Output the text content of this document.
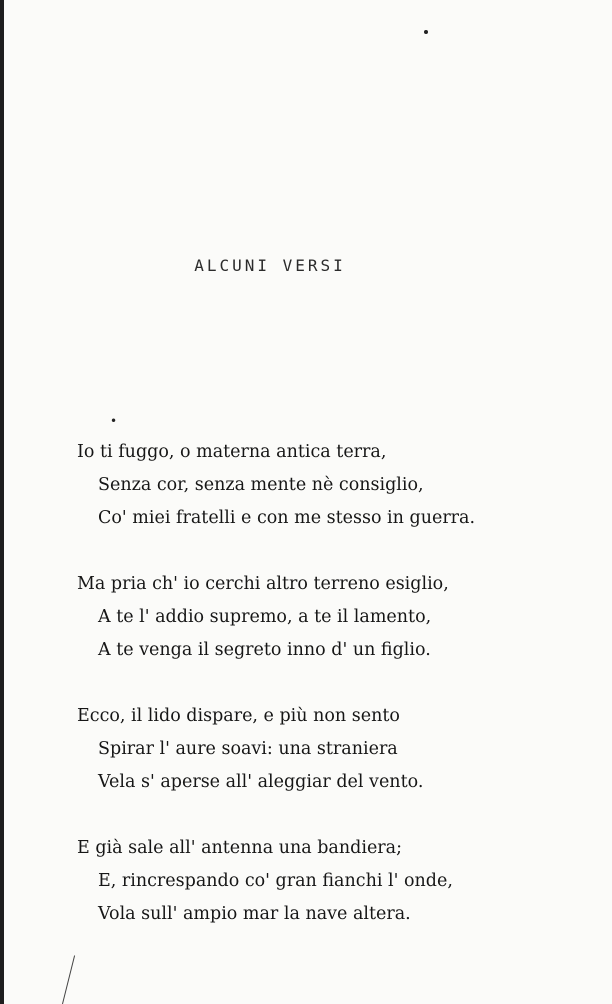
ALCUNI VERSI
•
Io ti fuggo, o materna antica terra,
Senza cor, senza mente nè consiglio,
Co' miei fratelli e con me stesso in guerra.
Ma pria ch' io cerchi altro terreno esiglio,
A te l' addio supremo, a te il lamento,
A te venga il segreto inno d' un figlio.
Ecco, il lido dispare, e più non sento
Spirar l' aure soavi: una straniera
Vela s' aperse all' aleggiar del vento.
E già sale all' antenna una bandiera;
E, rincrespando co' gran fianchi l' onde,
Vola sull' ampio mar la nave altera.
